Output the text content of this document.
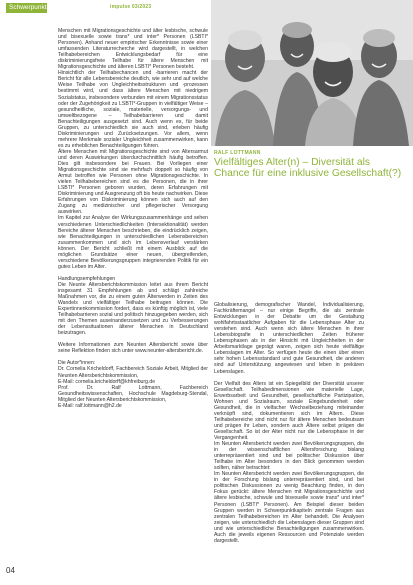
Schwerpunkt	impulse 03/2023
RALF LOTTMANN
Vielfältiges Alter(n) – Diversität als Chance für eine inklusive Gesellschaft(?)

Menschen mit Migrationsgeschichte und älter lesbische, schwule und bisexuelle sowie trans* und inter* Personen (LSBTI* Personen). Anhand neuer empirischer Erkenntnisse sowie einer umfassenden Literaturrecherche wird dargestellt, in welchen Teilhabebereichen Entwicklungsbedarf für eine diskriminierungsfreie Teilhabe für ältere Menschen mit Migrationsgeschichte und älteren LSBTI* Personen besteht.

Hinsichtlich der Teilhabechancen und -barrieren macht der Bericht für alle Lebensbereiche deutlich, wie sehr und auf welche Weise Teilhabe von Ungleichheitsstrukturen und -prozessen bestimmt wird, und dass ältere Menschen mit niedrigem Sozialstatus, insbesondere verbunden mit einem Migrationsstatus oder der Zugehörigkeit zu LSBTI*-Gruppen in vielfältiger Weise – gesundheitliche, soziale, materielle, versorgungs- und umweltbezogene – Teilhabebarrieren und damit Benachteiligungen ausgesetzt sind. Auch wenn es, für beide Gruppen, zu unterschiedlich sie auch sind, erleben häufig Diskriminierungen und Zurücksetzungen. Vor allem, wenn mehrere Merkmale sozialer Ungleichheit zusammenwirken, kann es zu erheblichen Benachteiligungen führen.

Ältere Menschen mit Migrationsgeschichte sind von Altersarmut und deren Auswirkungen überdurchschnittlich häufig betroffen. Dies gilt insbesondere bei Frauen. Bei Vorliegen einer Migrationsgeschichte sind sie mehrfach doppelt so häufig von Armut betroffen wie Personen ohne Migrationsgeschichte. In vielen Teilhabebereichen sind es die Personen, die in ihrer LSBTI* Personen geboren wurden, deren Erfahrungen mit Diskriminierung und Ausgrenzung oft bis heute nachwirken. Diese Erfahrungen von Diskriminierung können sich auch auf den Zugang zu medizinischer und pflegerischer Versorgung auswirken.

Im Kapitel zur Analyse der Wirkungszusammenhänge und sehen verschiedenen Unterschiedlichkeiten (Intersektionalität) werden Bereiche älterer Menschen beschrieben, die eindrücklich zeigen, wie Benachteiligungen in unterschiedlichen Lebensbereichen zusammenkommen und sich im Lebensverlauf verstärken können. Der Bericht schließt mit einem Ausblick auf die möglichen Grundsätze einer neuen, übergreifenden, verschiedene Bevölkerungsgruppen integrierenden Politik für ein gutes Leben im Alter.

Handlungsempfehlungen

Die Neunte Altersberichtskommission leitet aus ihrem Bericht insgesamt 31 Empfehlungen ab und schlägt zahlreiche Maßnahmen vor, die zu einem guten Älterwerden in Zeiten des Wandels und vielfältiger Teilhabe beitragen können. Die Expertinnenkommission fordert, dass es künftig möglich ist, viele Teilhabebarrieren sozial und politisch hinzugegeben werden, sich mit den Themen auseinanderzusetzen und zu Verbesserungen der Lebenssituationen älterer Menschen in Deutschland beizutragen.

Weitere Informationen zum Neunten Altersbericht sowie über seine Reflektion finden sich unter www.neunter-altersbericht.de.

Die Autor*innen:

Dr. Cornelia Kricheldorff, Fachbereich Soziale Arbeit, Mitglied der Neunten Altersberichtskommission,

E-Mail: cornelia.kricheldorff@khfreiburg.de

Prof. Dr. Ralf Lottmann, Fachbereich Gesundheitswissenschaften, Hochschule Magdeburg-Stendal, Mitglied der Neunten Altersberichtskommission,

E-Mail: ralf.lottmann@h2.de

Globalisierung, demografischer Wandel, Individualisierung, Fachkräftemangel – nur einige Begriffe, die als zentrale Entwicklungen in der Debatte um die Gestaltung wohlfahrtsstaatlicher Aufgaben für die Lebensphase Alter zu verstehen sind. Auch wenn sich ältere Menschen in ihrer Lebensbiografie in unterschiedlichen Zeiten früherer Lebensphasen als in der Hinsicht mit Ungleichheiten in der Arbeitsmarktlage geprägt waren, zeigen sich heute vielfältige Lebenslagen im Alter. So verfügen heute die einen über einen sehr hohen Lebensstandard und gute Gesundheit, die anderen sind auf Unterstützung angewiesen und leben in prekären Lebenslagen.

Der Vielfalt des Alters ist ein Spiegelbild der Diversität unserer Gesellschaft. Teilhabedimensionen wie materielle Lage, Erwerbsarbeit und Gesundheit, gesellschaftliche Partizipation, Wohnen und Sozialraum, soziale Eingebundenheit oder Gesundheit, die in vielfacher Wechselbeziehung miteinander verknüpft sind, dokumentieren sich im Altern. Diese Teilhabebereiche sind nicht nur für ältere Menschen bedeutsam und prägen ihr Leben, sondern auch Ältere selbst prägen die Gesellschaft. So ist der Alter nicht nur die Lebensphase in der Vergangenheit.

Im Neunten Altersbericht werden zwei Bevölkerungsgruppen, die in der wissenschaftlichen Altersforschung bislang unterrepräsentiert sind und bei politischer Diskussion über Teilhabe im Alter besonders in den Blick genommen werden sollten, näher betrachtet:

Im Neunten Altersbericht werden zwei Bevölkerungsgruppen, die in der Forschung bislang unterrepräsentiert sind, und bei politischen Diskussionen zu wenig Beachtung finden, in den Fokus gerückt: ältere Menschen mit Migrationsgeschichte und ältere lesbische, schwule und bisexuelle sowie trans* und inter* Personen (LSBTI* Personen). Am Beispiel dieser beiden Gruppen werden in Schwerpunktkapiteln zentrale Fragen aus zentralen Teilhabebereichen im Alter behandelt. Die Analysen zeigen, wie unterschiedlich die Lebenslagen dieser Gruppen sind und wie unterschiedliche Benachteiligungen zusammenwirken. Auch die jeweils eigenen Ressourcen und Potenziale werden dargestellt.

04
